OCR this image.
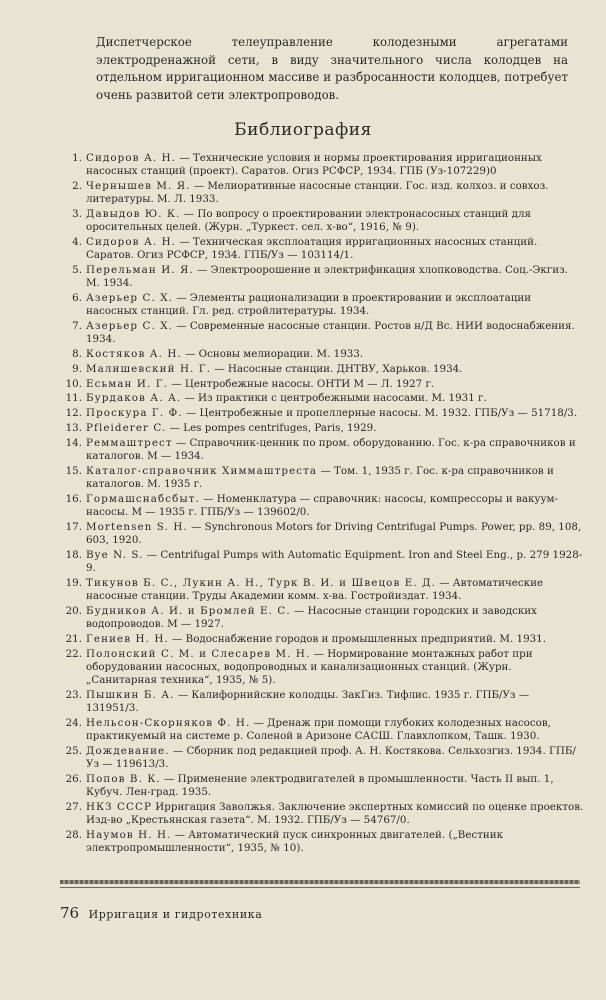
Диспетчерское телеуправление колодезными агрегатами электродренажной сети, в виду значительного числа колодцев на отдельном ирригационном массиве и разбросанности колодцев, потребует очень развитой сети электропроводов.

Библиография
1. Сидоров А. Н. — Технические условия и нормы проектирования ирригационных насосных станций (проект). Саратов. Огиз РСФСР, 1934. ГПБ (Уз-107229)0
2. Чернышев М. Я. — Мелиоративные насосные станции. Гос. изд. колхоз. и совхоз. литературы. М. Л. 1933.
3. Давыдов Ю. К. — По вопросу о проектировании электронасосных станций для оросительных целей. (Журн. „Туркест. сел. х-во“, 1916, № 9).
4. Сидоров А. Н. — Техническая эксплоатация ирригационных насосных станций. Саратов. Огиз РСФСР, 1934. ГПБ/Уз — 103114/1.
5. Перельман И. Я. — Электроорошение и электрификация хлопководства. Соц.-Экгиз. М. 1934.
6. Азерьер С. Х. — Элементы рационализации в проектировании и эксплоатации насосных станций. Гл. ред. стройлитературы. 1934.
7. Азерьер С. Х. — Современные насосные станции. Ростов н/Д Вс. НИИ водоснабжения. 1934.
8. Костяков А. Н. — Основы мелиорации. М. 1933.
9. Малишевский Н. Г. — Насосные станции. ДНТВУ, Харьков. 1934.
10. Есьман И. Г. — Центробежные насосы. ОНТИ М — Л. 1927 г.
11. Бурдаков А. А. — Из практики с центробежными насосами. М. 1931 г.
12. Проскура Г. Ф. — Центробежные и пропеллерные насосы. М. 1932. ГПБ/Уз — 51718/3.
13. Pfleiderer C. — Les pompes centrifuges, Paris, 1929.
14. Реммаштрест — Справочник-ценник по пром. оборудованию. Гос. к-ра справочников и каталогов. М — 1934.
15. Каталог-справочник Химмаштреста — Том. 1, 1935 г. Гос. к-ра справочников и каталогов. М. 1935 г.
16. Гормашснабсбыт. — Номенклатура — справочник: насосы, компрессоры и вакуум-насосы. М — 1935 г. ГПБ/Уз — 139602/0.
17. Mortensen S. H. — Synchronous Motors for Driving Centrifugal Pumps. Power, pp. 89, 108, 603, 1920.
18. Bye N. S. — Centrifugal Pumps with Automatic Equipment. Iron and Steel Eng., p. 279 1928-9.
19. Тикунов Б. С., Лукин А. Н., Турк В. И. и Швецов Е. Д. — Автоматические насосные станции. Труды Академии комм. х-ва. Гостройиздат. 1934.
20. Будников А. И. и Бромлей Е. С. — Насосные станции городских и заводских водопроводов. М — 1927.
21. Гениев Н. Н. — Водоснабжение городов и промышленных предприятий. М. 1931.
22. Полонский С. М. и Слесарев М. Н. — Нормирование монтажных работ при оборудовании насосных, водопроводных и канализационных станций. (Журн. „Санитарная техника“, 1935, № 5).
23. Пышкин Б. А. — Калифорнийские колодцы. ЗакГиз. Тифлис. 1935 г. ГПБ/Уз — 131951/3.
24. Нельсон-Скорняков Ф. Н. — Дренаж при помощи глубоких колодезных насосов, практикуемый на системе р. Соленой в Аризоне САСШ. Главхлопком, Ташк. 1930.
25. Дождевание. — Сборник под редакцией проф. А. Н. Костякова. Сельхозгиз. 1934. ГПБ/Уз — 119613/3.
26. Попов В. К. — Применение электродвигателей в промышленности. Часть II вып. 1, Кубуч. Лен-град. 1935.
27. НКЗ СССР Ирригация Заволжья. Заключение экспертных комиссий по оценке проектов. Изд-во „Крестьянская газета“. М. 1932. ГПБ/Уз — 54767/0.
28. Наумов Н. Н. — Автоматический пуск синхронных двигателей. („Вестник электропромышленности“, 1935, № 10).
76 Ирригация и гидротехника
